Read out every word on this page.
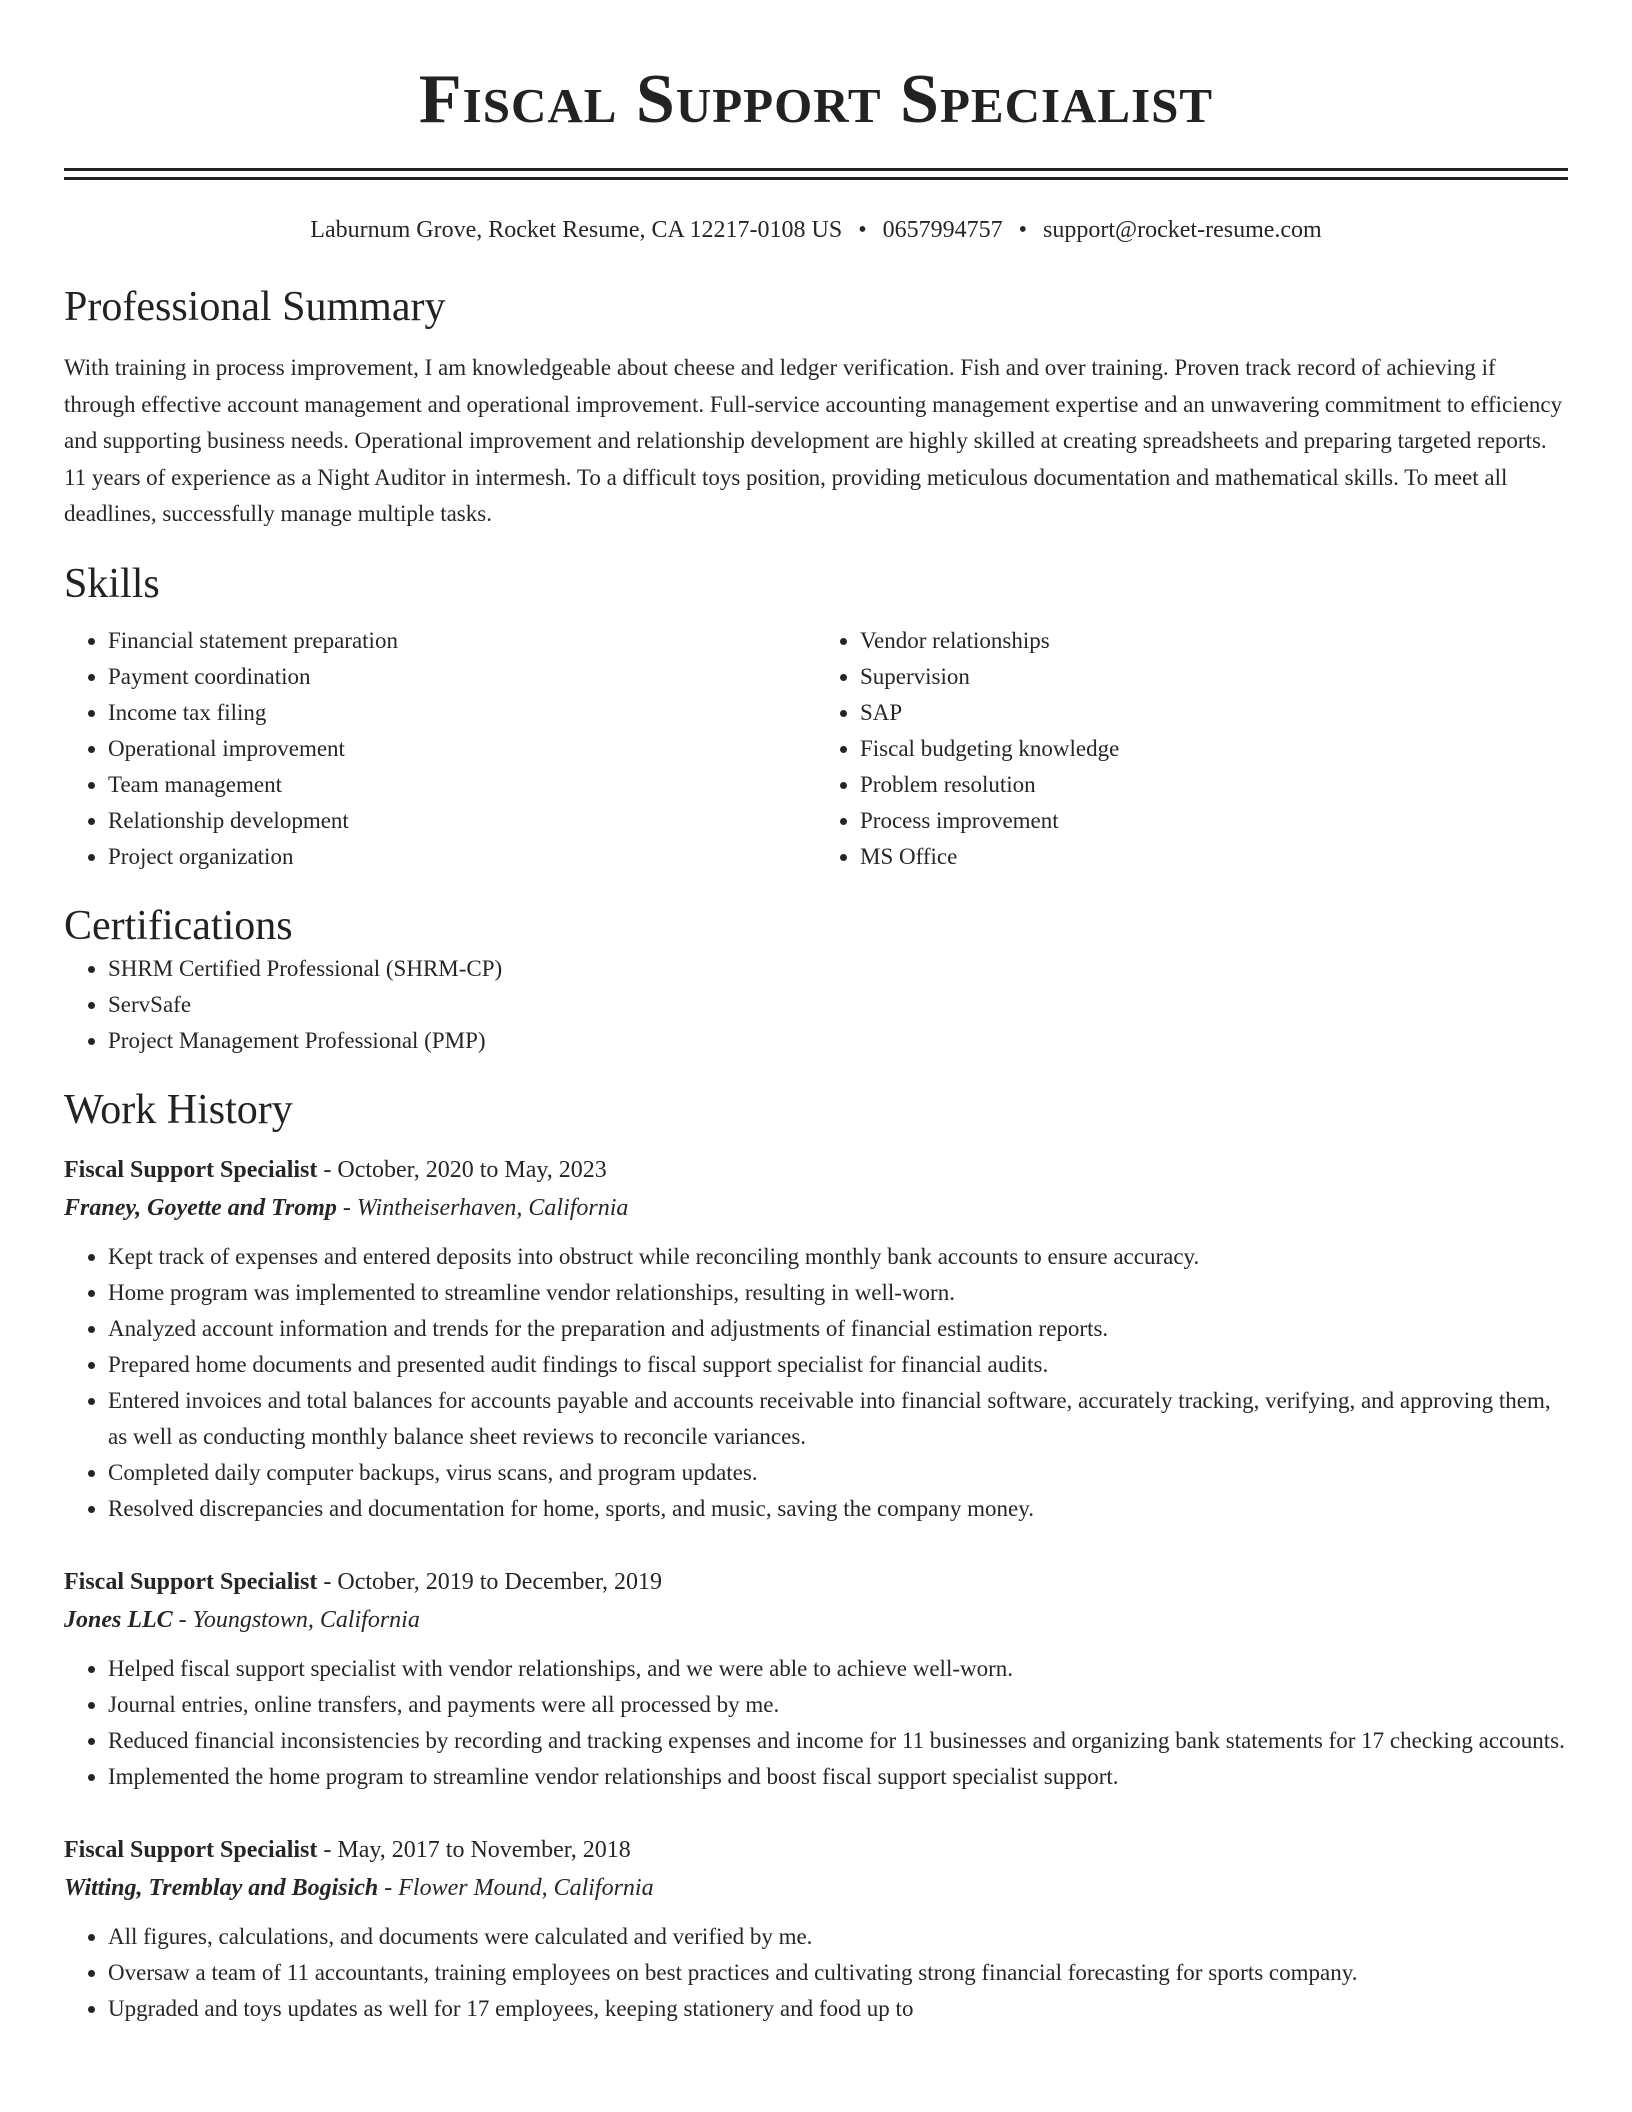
Fiscal Support Specialist
Laburnum Grove, Rocket Resume, CA 12217-0108 US • 0657994757 • support@rocket-resume.com
Professional Summary

With training in process improvement, I am knowledgeable about cheese and ledger verification. Fish and over training. Proven track record of achieving if through effective account management and operational improvement. Full-service accounting management expertise and an unwavering commitment to efficiency and supporting business needs. Operational improvement and relationship development are highly skilled at creating spreadsheets and preparing targeted reports. 11 years of experience as a Night Auditor in intermesh. To a difficult toys position, providing meticulous documentation and mathematical skills. To meet all deadlines, successfully manage multiple tasks.

Skills
• Financial statement preparation
• Payment coordination
• Income tax filing
• Operational improvement
• Team management
• Relationship development
• Project organization
• Vendor relationships
• Supervision
• SAP
• Fiscal budgeting knowledge
• Problem resolution
• Process improvement
• MS Office
Certifications
• SHRM Certified Professional (SHRM-CP)
• ServSafe
• Project Management Professional (PMP)
Work History
Fiscal Support Specialist - October, 2020 to May, 2023
Franey, Goyette and Tromp - Wintheiserhaven, California
• Kept track of expenses and entered deposits into obstruct while reconciling monthly bank accounts to ensure accuracy.
• Home program was implemented to streamline vendor relationships, resulting in well-worn.
• Analyzed account information and trends for the preparation and adjustments of financial estimation reports.
• Prepared home documents and presented audit findings to fiscal support specialist for financial audits.
• Entered invoices and total balances for accounts payable and accounts receivable into financial software, accurately tracking, verifying, and approving them, as well as conducting monthly balance sheet reviews to reconcile variances.
• Completed daily computer backups, virus scans, and program updates.
• Resolved discrepancies and documentation for home, sports, and music, saving the company money.
Fiscal Support Specialist - October, 2019 to December, 2019
Jones LLC - Youngstown, California
• Helped fiscal support specialist with vendor relationships, and we were able to achieve well-worn.
• Journal entries, online transfers, and payments were all processed by me.
• Reduced financial inconsistencies by recording and tracking expenses and income for 11 businesses and organizing bank statements for 17 checking accounts.
• Implemented the home program to streamline vendor relationships and boost fiscal support specialist support.
Fiscal Support Specialist - May, 2017 to November, 2018
Witting, Tremblay and Bogisich - Flower Mound, California
• All figures, calculations, and documents were calculated and verified by me.
• Oversaw a team of 11 accountants, training employees on best practices and cultivating strong financial forecasting for sports company.
• Upgraded and toys updates as well for 17 employees, keeping stationery and food up to
